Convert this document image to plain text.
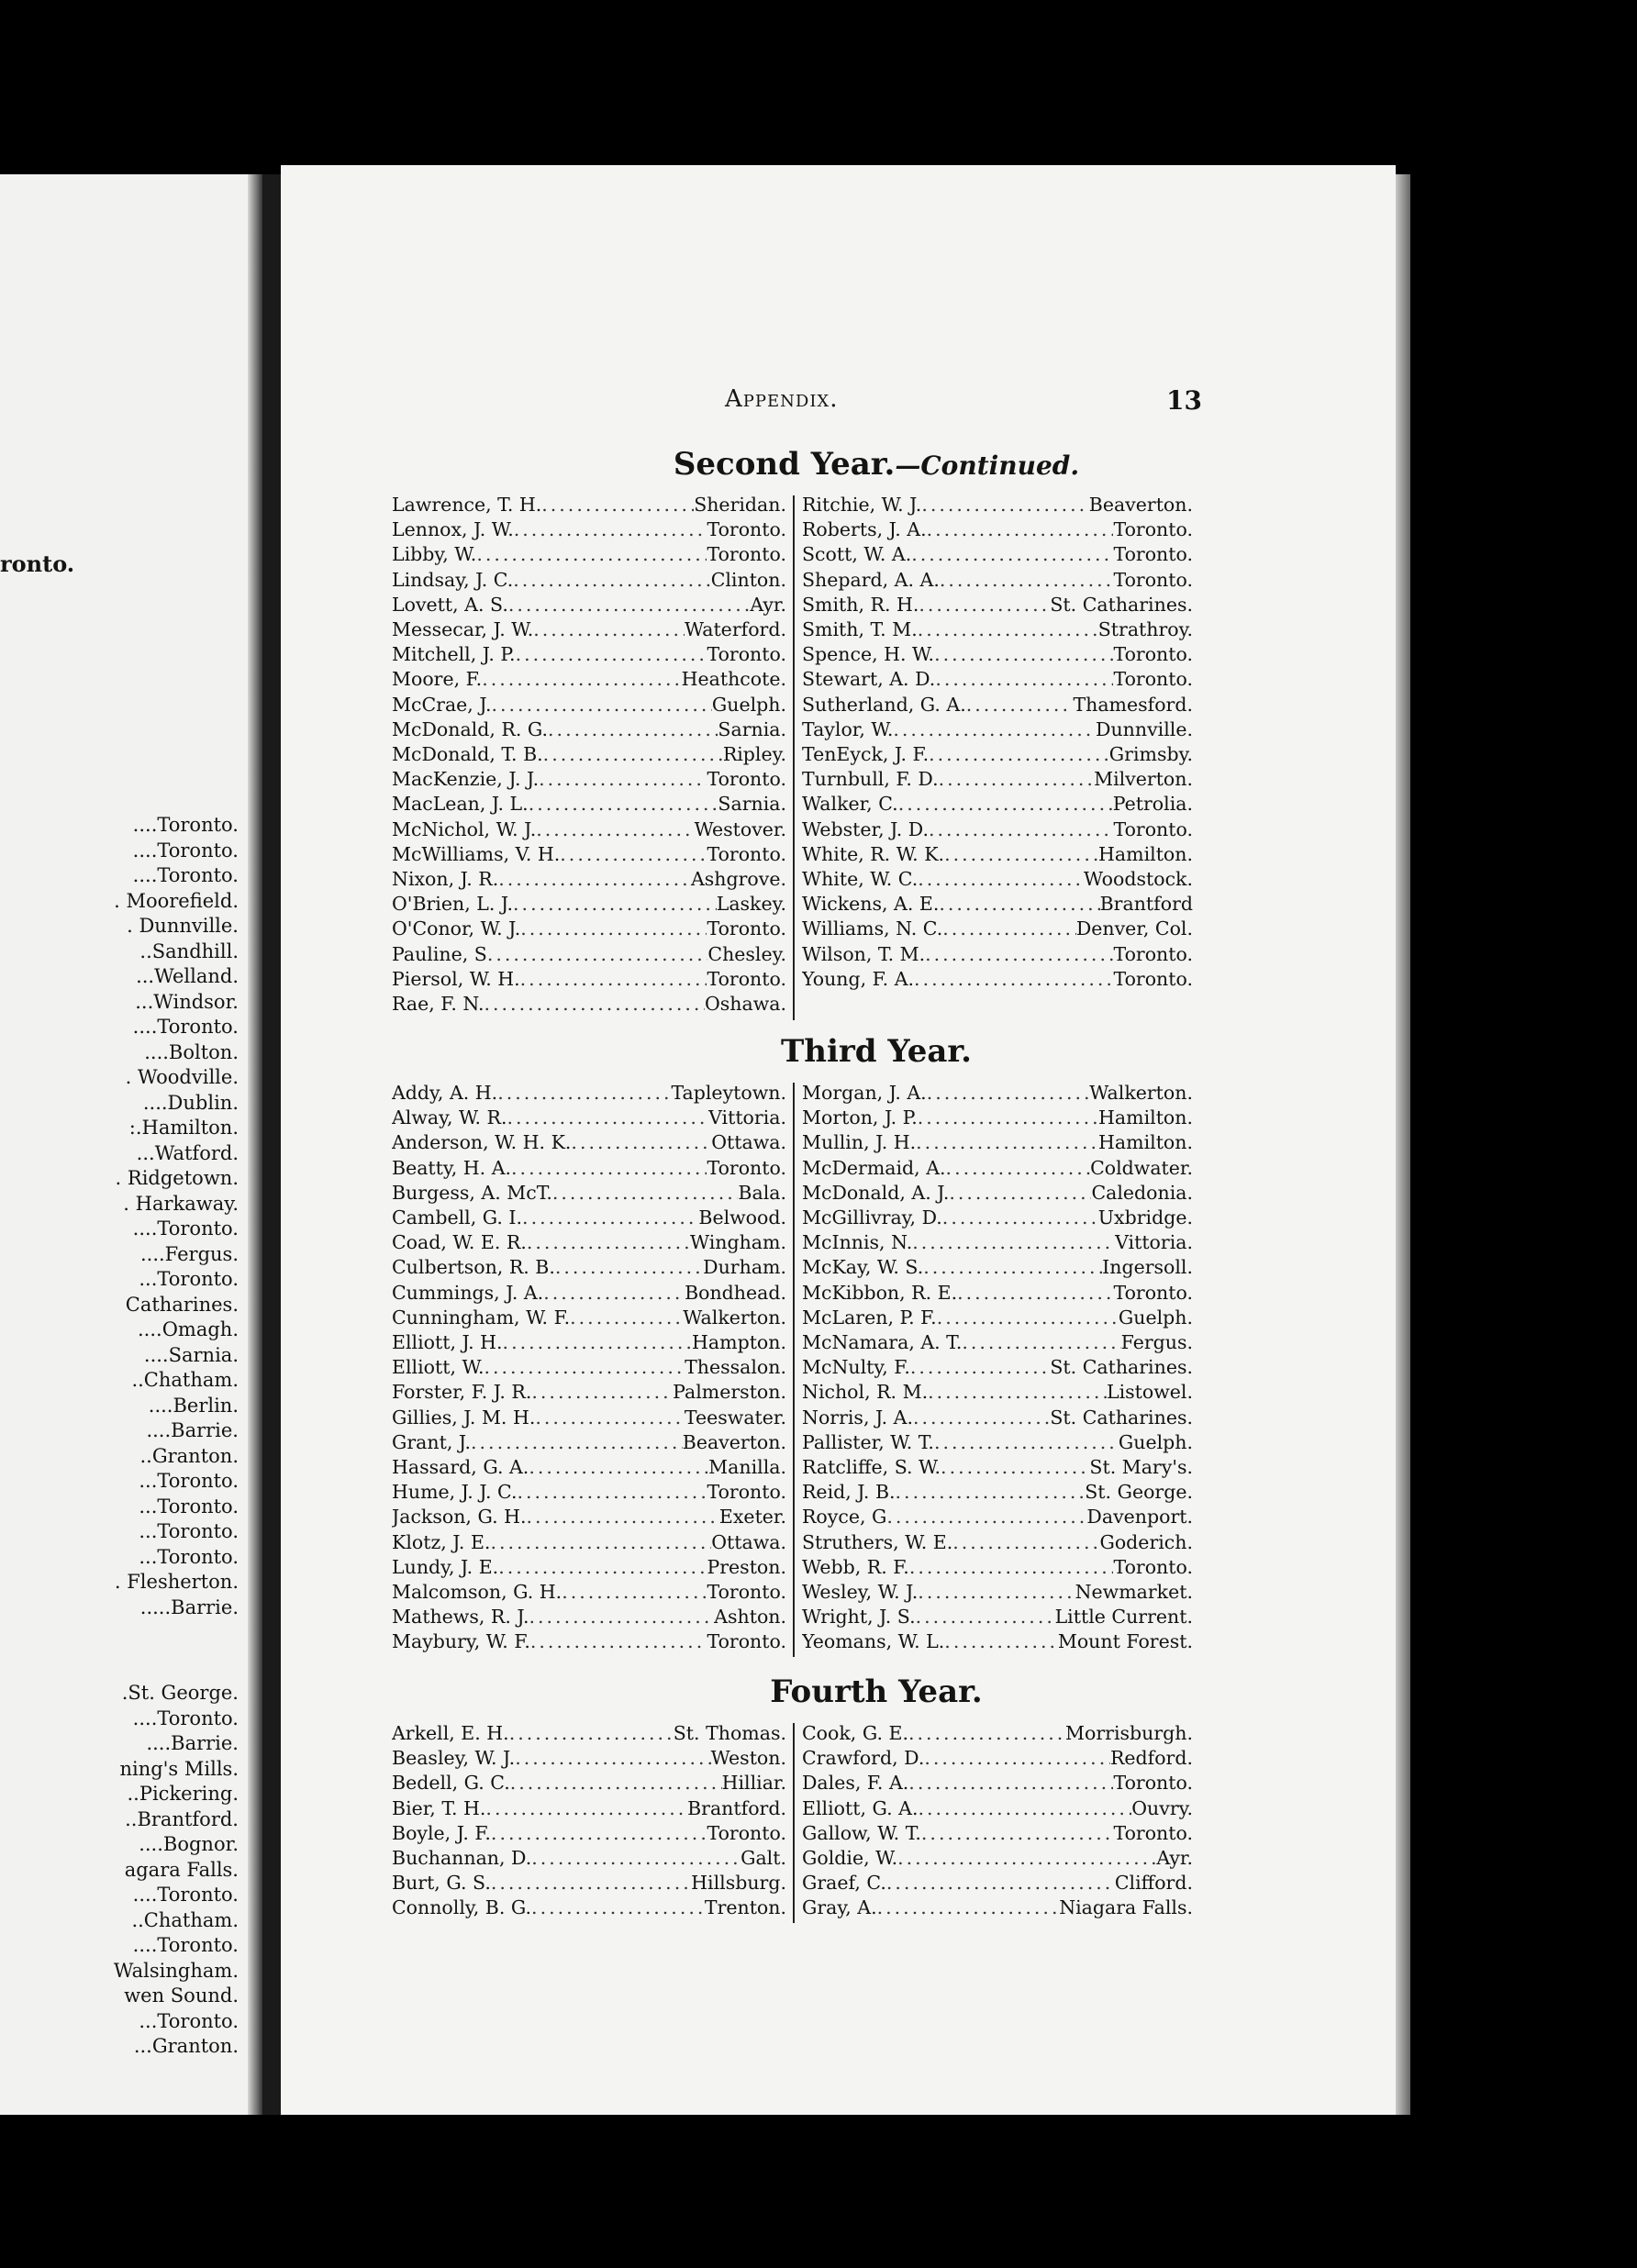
ronto.
....Toronto.
....Toronto.
....Toronto.
. Moorefield.
. Dunnville.
..Sandhill.
...Welland.
...Windsor.
....Toronto.
....Bolton.
. Woodville.
....Dublin.
:.Hamilton.
...Watford.
. Ridgetown.
. Harkaway.
....Toronto.
....Fergus.
...Toronto.
Catharines.
....Omagh.
....Sarnia.
..Chatham.
....Berlin.
....Barrie.
..Granton.
...Toronto.
...Toronto.
...Toronto.
...Toronto.
. Flesherton.
.....Barrie.
.St. George.
....Toronto.
....Barrie.
ning's Mills.
..Pickering.
..Brantford.
....Bognor.
agara Falls.
....Toronto.
..Chatham.
....Toronto.
Walsingham.
wen Sound.
...Toronto.
...Granton.
Appendix.	13
Second Year.—Continued.
Third Year.
Fourth Year.
Lawrence, T. H. .....	Sheridan.
Lennox, J. W. .....	Toronto.
Libby, W. .....	Toronto.
Lindsay, J. C. .....	Clinton.
Lovett, A. S. .....	Ayr.
Messecar, J. W. .....	Waterford.
Mitchell, J. P. .....	Toronto.
Moore, F. .....	Heathcote.
McCrae, J. .....	Guelph.
McDonald, R. G. .....	Sarnia.
McDonald, T. B. .....	Ripley.
MacKenzie, J. J. .....	Toronto.
MacLean, J. L. .....	Sarnia.
McNichol, W. J. .....	Westover.
McWilliams, V. H. .....	Toronto.
Nixon, J. R. .....	Ashgrove.
O'Brien, L. J. .....	Laskey.
O'Conor, W. J. .....	Toronto.
Pauline, S .....	Chesley.
Piersol, W. H. .....	Toronto.
Rae, F. N. .....	Oshawa.
Ritchie, W. J. .....	Beaverton.
Roberts, J. A. .....	Toronto.
Scott, W. A. .....	Toronto.
Shepard, A. A. .....	Toronto.
Smith, R. H. .....	St. Catharines.
Smith, T. M. .....	Strathroy.
Spence, H. W. .....	Toronto.
Stewart, A. D. .....	Toronto.
Sutherland, G. A. .....	Thamesford.
Taylor, W. .....	Dunnville.
TenEyck, J. F. .....	Grimsby.
Turnbull, F. D. .....	Milverton.
Walker, C. .....	Petrolia.
Webster, J. D. .....	Toronto.
White, R. W. K. .....	Hamilton.
White, W. C. .....	Woodstock.
Wickens, A. E. .....	Brantford
Williams, N. C. .....	Denver, Col.
Wilson, T. M. .....	Toronto.
Young, F. A. .....	Toronto.
Addy, A. H. .....	Tapleytown.
Alway, W. R. .....	Vittoria.
Anderson, W. H. K. .....	Ottawa.
Beatty, H. A. .....	Toronto.
Burgess, A. McT. .....	Bala.
Cambell, G. I. .....	Belwood.
Coad, W. E. R. .....	Wingham.
Culbertson, R. B. .....	Durham.
Cummings, J. A. .....	Bondhead.
Cunningham, W. F. .....	Walkerton.
Elliott, J. H. .....	Hampton.
Elliott, W. .....	Thessalon.
Forster, F. J. R. .....	Palmerston.
Gillies, J. M. H. .....	Teeswater.
Grant, J. .....	Beaverton.
Hassard, G. A. .....	Manilla.
Hume, J. J. C. .....	Toronto.
Jackson, G. H. .....	Exeter.
Klotz, J. E. .....	Ottawa.
Lundy, J. E. .....	Preston.
Malcomson, G. H. .....	Toronto.
Mathews, R. J. .....	Ashton.
Maybury, W. F. .....	Toronto.
Morgan, J. A. .....	Walkerton.
Morton, J. P. .....	Hamilton.
Mullin, J. H. .....	Hamilton.
McDermaid, A. .....	Coldwater.
McDonald, A. J. .....	Caledonia.
McGillivray, D. .....	Uxbridge.
McInnis, N. .....	Vittoria.
McKay, W. S. .....	Ingersoll.
McKibbon, R. E. .....	Toronto.
McLaren, P. F. .....	Guelph.
McNamara, A. T. .....	Fergus.
McNulty, F. .....	St. Catharines.
Nichol, R. M. .....	Listowel.
Norris, J. A. .....	St. Catharines.
Pallister, W. T. .....	Guelph.
Ratcliffe, S. W. .....	St. Mary's.
Reid, J. B. .....	St. George.
Royce, G .....	Davenport.
Struthers, W. E. .....	Goderich.
Webb, R. F. .....	Toronto.
Wesley, W. J. .....	Newmarket.
Wright, J. S. .....	Little Current.
Yeomans, W. L. .....	Mount Forest.
Arkell, E. H. .....	St. Thomas.
Beasley, W. J. .....	Weston.
Bedell, G. C. .....	Hilliar.
Bier, T. H. .....	Brantford.
Boyle, J. F. .....	Toronto.
Buchannan, D. .....	Galt.
Burt, G. S. .....	Hillsburg.
Connolly, B. G. .....	Trenton.
Cook, G. E. .....	Morrisburgh.
Crawford, D. .....	Redford.
Dales, F. A. .....	Toronto.
Elliott, G. A. .....	Ouvry.
Gallow, W. T. .....	Toronto.
Goldie, W. .....	Ayr.
Graef, C. .....	Clifford.
Gray, A. .....	Niagara Falls.
